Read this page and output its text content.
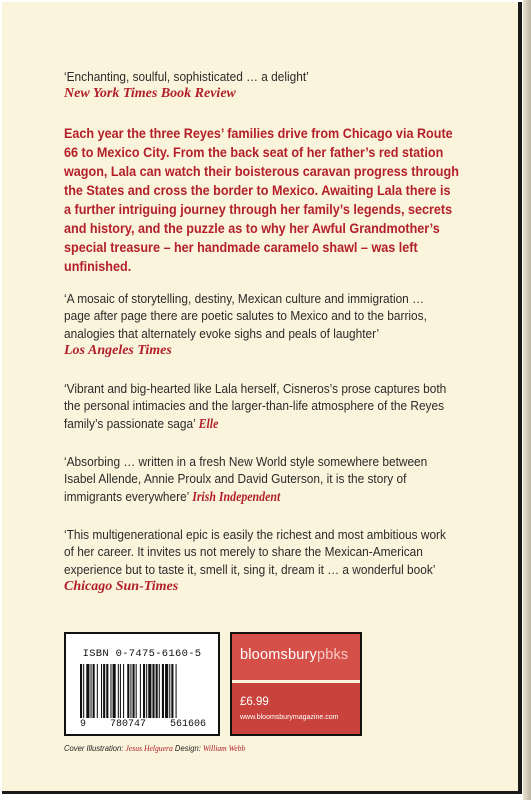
‘Enchanting, soulful, sophisticated … a delight’

New York Times Book Review

Each year the three Reyes’ families drive from Chicago via Route

66 to Mexico City. From the back seat of her father’s red station

wagon, Lala can watch their boisterous caravan progress through

the States and cross the border to Mexico. Awaiting Lala there is

a further intriguing journey through her family’s legends, secrets

and history, and the puzzle as to why her Awful Grandmother’s

special treasure – her handmade caramelo shawl – was left

unfinished.

‘A mosaic of storytelling, destiny, Mexican culture and immigration …

page after page there are poetic salutes to Mexico and to the barrios,

analogies that alternately evoke sighs and peals of laughter’

Los Angeles Times

‘Vibrant and big-hearted like Lala herself, Cisneros’s prose captures both

the personal intimacies and the larger-than-life atmosphere of the Reyes

family’s passionate saga’ Elle

‘Absorbing … written in a fresh New World style somewhere between

Isabel Allende, Annie Proulx and David Guterson, it is the story of

immigrants everywhere’ Irish Independent

‘This multigenerational epic is easily the richest and most ambitious work

of her career. It invites us not merely to share the Mexican-American

experience but to taste it, smell it, sing it, dream it … a wonderful book’

Chicago Sun-Times

ISBN 0-7475-6160-5
9 780747 561606
bloomsburypbks
£6.99
www.bloomsburymagazine.com
Cover Illustration: Jesus Helguera Design: William Webb
